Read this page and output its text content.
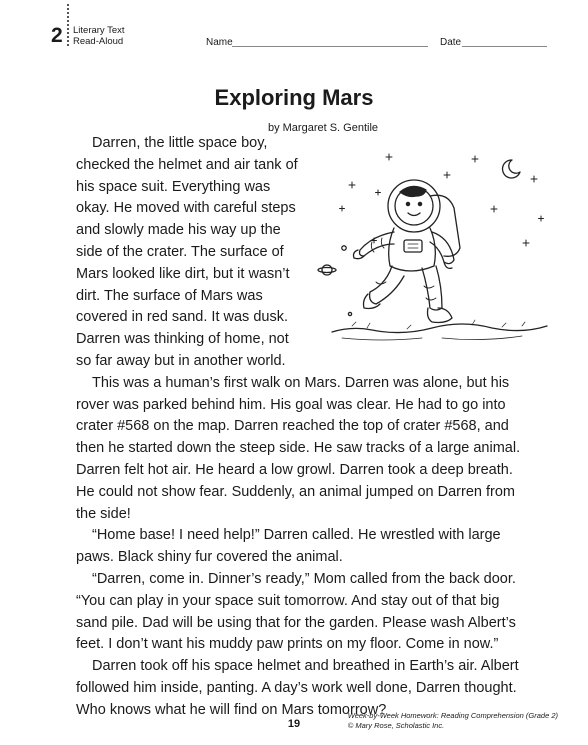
2 Literary Text
Read-Aloud	Name	Date
Exploring Mars
by Margaret S. Gentile
Darren, the little space boy,
checked the helmet and air tank of
his space suit. Everything was
okay. He moved with careful steps
and slowly made his way up the
side of the crater. The surface of
Mars looked like dirt, but it wasn’t
dirt. The surface of Mars was
covered in red sand. It was dusk.
Darren was thinking of home, not
so far away but in another world.
This was a human’s first walk on Mars. Darren was alone, but his
rover was parked behind him. His goal was clear. He had to go into
crater #568 on the map. Darren reached the top of crater #568, and
then he started down the steep side. He saw tracks of a large animal.
Darren felt hot air. He heard a low growl. Darren took a deep breath.
He could not show fear. Suddenly, an animal jumped on Darren from
the side!
“Home base! I need help!” Darren called. He wrestled with large
paws. Black shiny fur covered the animal.
“Darren, come in. Dinner’s ready,” Mom called from the back door.
“You can play in your space suit tomorrow. And stay out of that big
sand pile. Dad will be using that for the garden. Please wash Albert’s
feet. I don’t want his muddy paw prints on my floor. Come in now.”
Darren took off his space helmet and breathed in Earth’s air. Albert
followed him inside, panting. A day’s work well done, Darren thought.
Who knows what he will find on Mars tomorrow?
19
Week-by-Week Homework: Reading Comprehension (Grade 2)
© Mary Rose, Scholastic Inc.
